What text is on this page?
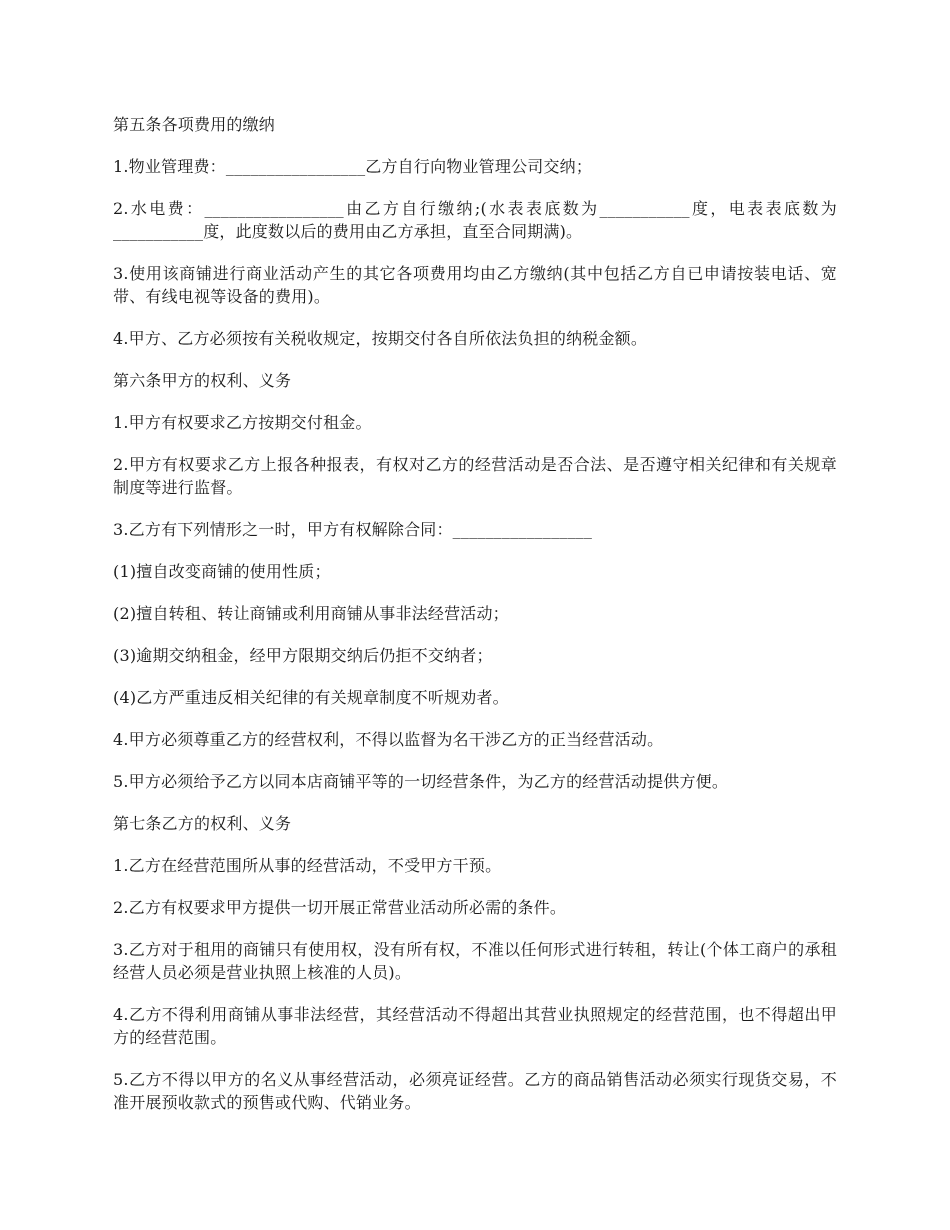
第五条各项费用的缴纳

1.物业管理费：_________________乙方自行向物业管理公司交纳；

2.水电费：_________________由乙方自行缴纳;(水表表底数为___________度，电表表底数为___________度，此度数以后的费用由乙方承担，直至合同期满)。

3.使用该商铺进行商业活动产生的其它各项费用均由乙方缴纳(其中包括乙方自已申请按装电话、宽带、有线电视等设备的费用)。

4.甲方、乙方必须按有关税收规定，按期交付各自所依法负担的纳税金额。

第六条甲方的权利、义务

1.甲方有权要求乙方按期交付租金。

2.甲方有权要求乙方上报各种报表，有权对乙方的经营活动是否合法、是否遵守相关纪律和有关规章制度等进行监督。

3.乙方有下列情形之一时，甲方有权解除合同：_________________

(1)擅自改变商铺的使用性质；

(2)擅自转租、转让商铺或利用商铺从事非法经营活动；

(3)逾期交纳租金，经甲方限期交纳后仍拒不交纳者；

(4)乙方严重违反相关纪律的有关规章制度不听规劝者。

4.甲方必须尊重乙方的经营权利，不得以监督为名干涉乙方的正当经营活动。

5.甲方必须给予乙方以同本店商铺平等的一切经营条件，为乙方的经营活动提供方便。

第七条乙方的权利、义务

1.乙方在经营范围所从事的经营活动，不受甲方干预。

2.乙方有权要求甲方提供一切开展正常营业活动所必需的条件。

3.乙方对于租用的商铺只有使用权，没有所有权，不准以任何形式进行转租，转让(个体工商户的承租经营人员必须是营业执照上核准的人员)。

4.乙方不得利用商铺从事非法经营，其经营活动不得超出其营业执照规定的经营范围，也不得超出甲方的经营范围。

5.乙方不得以甲方的名义从事经营活动，必须亮证经营。乙方的商品销售活动必须实行现货交易，不准开展预收款式的预售或代购、代销业务。
